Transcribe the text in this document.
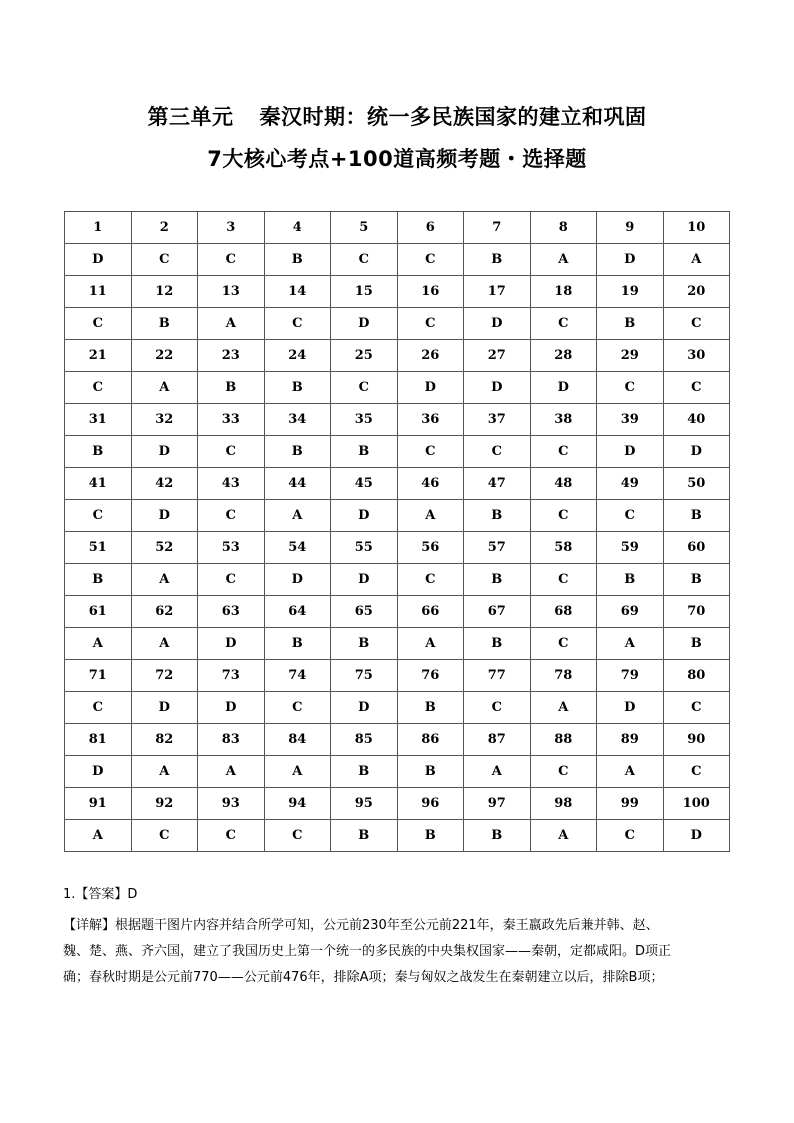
第三单元 秦汉时期：统一多民族国家的建立和巩固
7大核心考点+100道高频考题・选择题
1	2	3	4	5	6	7	8	9	10
D	C	C	B	C	C	B	A	D	A
11	12	13	14	15	16	17	18	19	20
C	B	A	C	D	C	D	C	B	C
21	22	23	24	25	26	27	28	29	30
C	A	B	B	C	D	D	D	C	C
31	32	33	34	35	36	37	38	39	40
B	D	C	B	B	C	C	C	D	D
41	42	43	44	45	46	47	48	49	50
C	D	C	A	D	A	B	C	C	B
51	52	53	54	55	56	57	58	59	60
B	A	C	D	D	C	B	C	B	B
61	62	63	64	65	66	67	68	69	70
A	A	D	B	B	A	B	C	A	B
71	72	73	74	75	76	77	78	79	80
C	D	D	C	D	B	C	A	D	C
81	82	83	84	85	86	87	88	89	90
D	A	A	A	B	B	A	C	A	C
91	92	93	94	95	96	97	98	99	100
A	C	C	C	B	B	B	A	C	D
1.【答案】D
【详解】根据题干图片内容并结合所学可知，公元前230年至公元前221年，秦王嬴政先后兼并韩、赵、
魏、楚、燕、齐六国，建立了我国历史上第一个统一的多民族的中央集权国家——秦朝，定都咸阳。D项正
确；春秋时期是公元前770——公元前476年，排除A项；秦与匈奴之战发生在秦朝建立以后，排除B项；
